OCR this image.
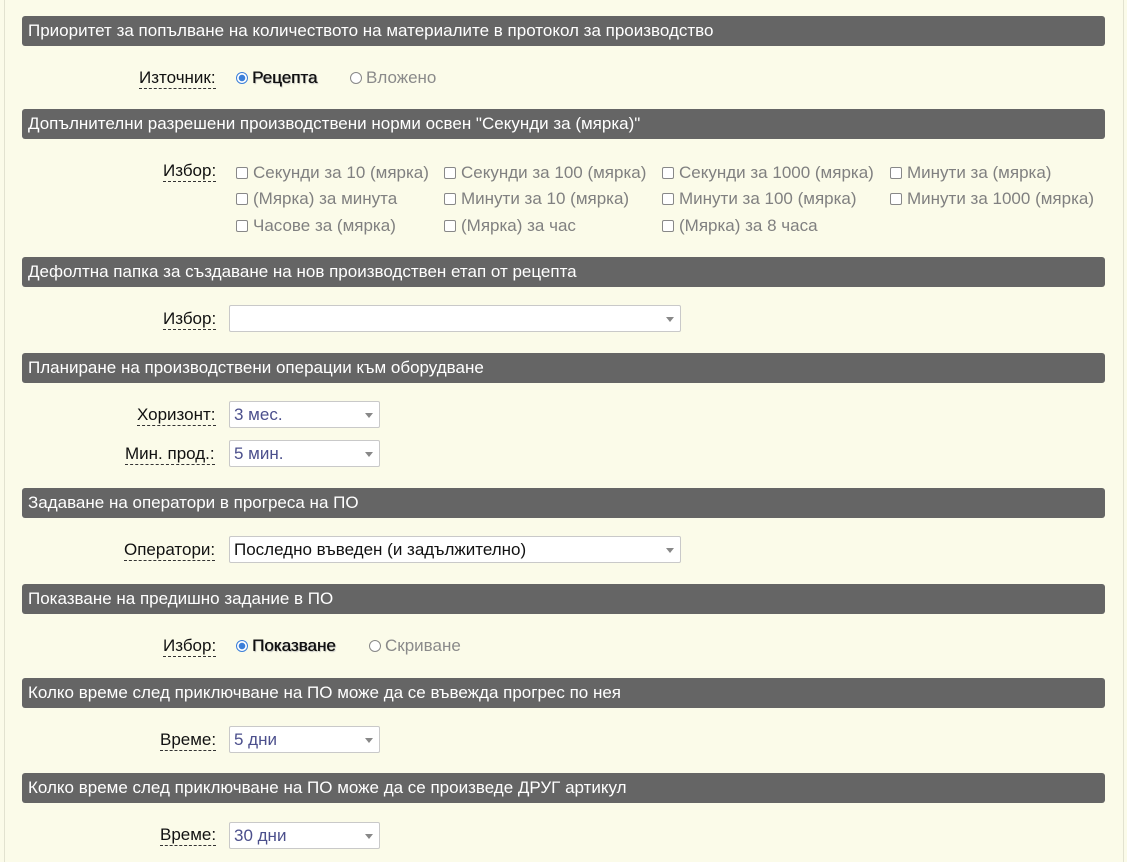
Приоритет за попълване на количеството на материалите в протокол за производство
Източник:	Рецепта	Вложено
Допълнителни разрешени производствени норми освен "Секунди за (мярка)"
Избор:	Секунди за 10 (мярка)	Секунди за 100 (мярка)	Секунди за 1000 (мярка)	Минути за (мярка)
(Мярка) за минута	Минути за 10 (мярка)	Минути за 100 (мярка)	Минути за 1000 (мярка)
Часове за (мярка)	(Мярка) за час	(Мярка) за 8 часа
Дефолтна папка за създаване на нов производствен етап от рецепта
Избор:
Планиране на производствени операции към оборудване
Хоризонт: 3 мес.
Мин. прод.: 5 мин.
Задаване на оператори в прогреса на ПО
Оператори: Последно въведен (и задължително)
Показване на предишно задание в ПО
Избор:	Показване	Скриване
Колко време след приключване на ПО може да се въвежда прогрес по нея
Време: 5 дни
Колко време след приключване на ПО може да се произведе ДРУГ артикул
Време: 30 дни
